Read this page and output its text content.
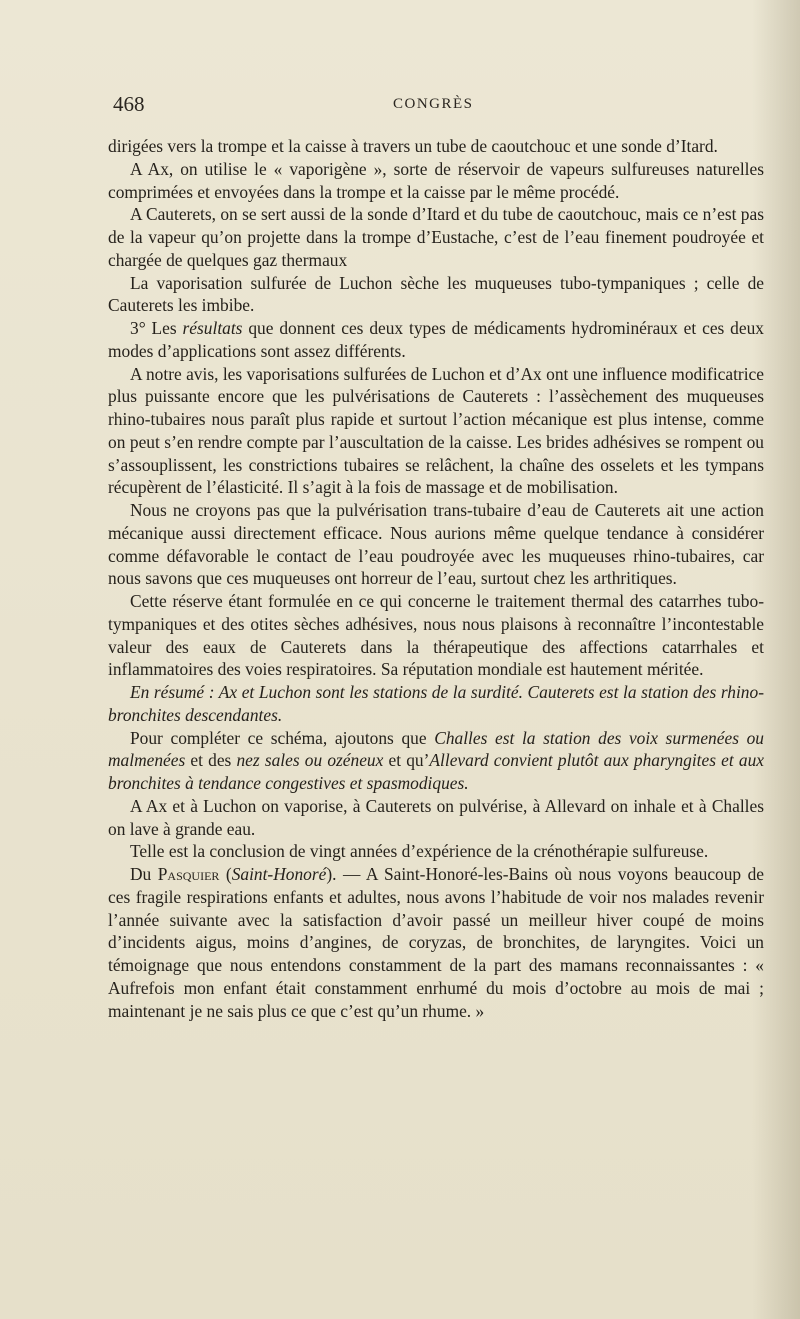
468	CONGRÈS

dirigées vers la trompe et la caisse à travers un tube de caoutchouc et une sonde d’Itard.

A Ax, on utilise le « vaporigène », sorte de réservoir de vapeurs sulfureuses naturelles comprimées et envoyées dans la trompe et la caisse par le même procédé.

A Cauterets, on se sert aussi de la sonde d’Itard et du tube de caoutchouc, mais ce n’est pas de la vapeur qu’on projette dans la trompe d’Eustache, c’est de l’eau finement poudroyée et chargée de quelques gaz thermaux

La vaporisation sulfurée de Luchon sèche les muqueuses tubo-tympaniques ; celle de Cauterets les imbibe.

3° Les résultats que donnent ces deux types de médicaments hydrominéraux et ces deux modes d’applications sont assez différents.

A notre avis, les vaporisations sulfurées de Luchon et d’Ax ont une influence modificatrice plus puissante encore que les pulvérisations de Cauterets : l’assèchement des muqueuses rhino-tubaires nous paraît plus rapide et surtout l’action mécanique est plus intense, comme on peut s’en rendre compte par l’auscultation de la caisse. Les brides adhésives se rompent ou s’assouplissent, les constrictions tubaires se relâchent, la chaîne des osselets et les tympans récupèrent de l’élasticité. Il s’agit à la fois de massage et de mobilisation.

Nous ne croyons pas que la pulvérisation trans-tubaire d’eau de Cauterets ait une action mécanique aussi directement efficace. Nous aurions même quelque tendance à considérer comme défavorable le contact de l’eau poudroyée avec les muqueuses rhino-tubaires, car nous savons que ces muqueuses ont horreur de l’eau, surtout chez les arthritiques.

Cette réserve étant formulée en ce qui concerne le traitement thermal des catarrhes tubo-tympaniques et des otites sèches adhésives, nous nous plaisons à reconnaître l’incontestable valeur des eaux de Cauterets dans la thérapeutique des affections catarrhales et inflammatoires des voies respiratoires. Sa réputation mondiale est hautement méritée.

En résumé : Ax et Luchon sont les stations de la surdité. Cauterets est la station des rhino-bronchites descendantes.

Pour compléter ce schéma, ajoutons que Challes est la station des voix surmenées ou malmenées et des nez sales ou ozéneux et qu’Allevard convient plutôt aux pharyngites et aux bronchites à tendance congestives et spasmodiques.

A Ax et à Luchon on vaporise, à Cauterets on pulvérise, à Allevard on inhale et à Challes on lave à grande eau.

Telle est la conclusion de vingt années d’expérience de la crénothérapie sulfureuse.

Du Pasquier (Saint-Honoré). — A Saint-Honoré-les-Bains où nous voyons beaucoup de ces fragile respirations enfants et adultes, nous avons l’habitude de voir nos malades revenir l’année suivante avec la satisfaction d’avoir passé un meilleur hiver coupé de moins d’incidents aigus, moins d’angines, de coryzas, de bronchites, de laryngites. Voici un témoignage que nous entendons constamment de la part des mamans reconnaissantes : « Aufrefois mon enfant était constamment enrhumé du mois d’octobre au mois de mai ; maintenant je ne sais plus ce que c’est qu’un rhume. »
